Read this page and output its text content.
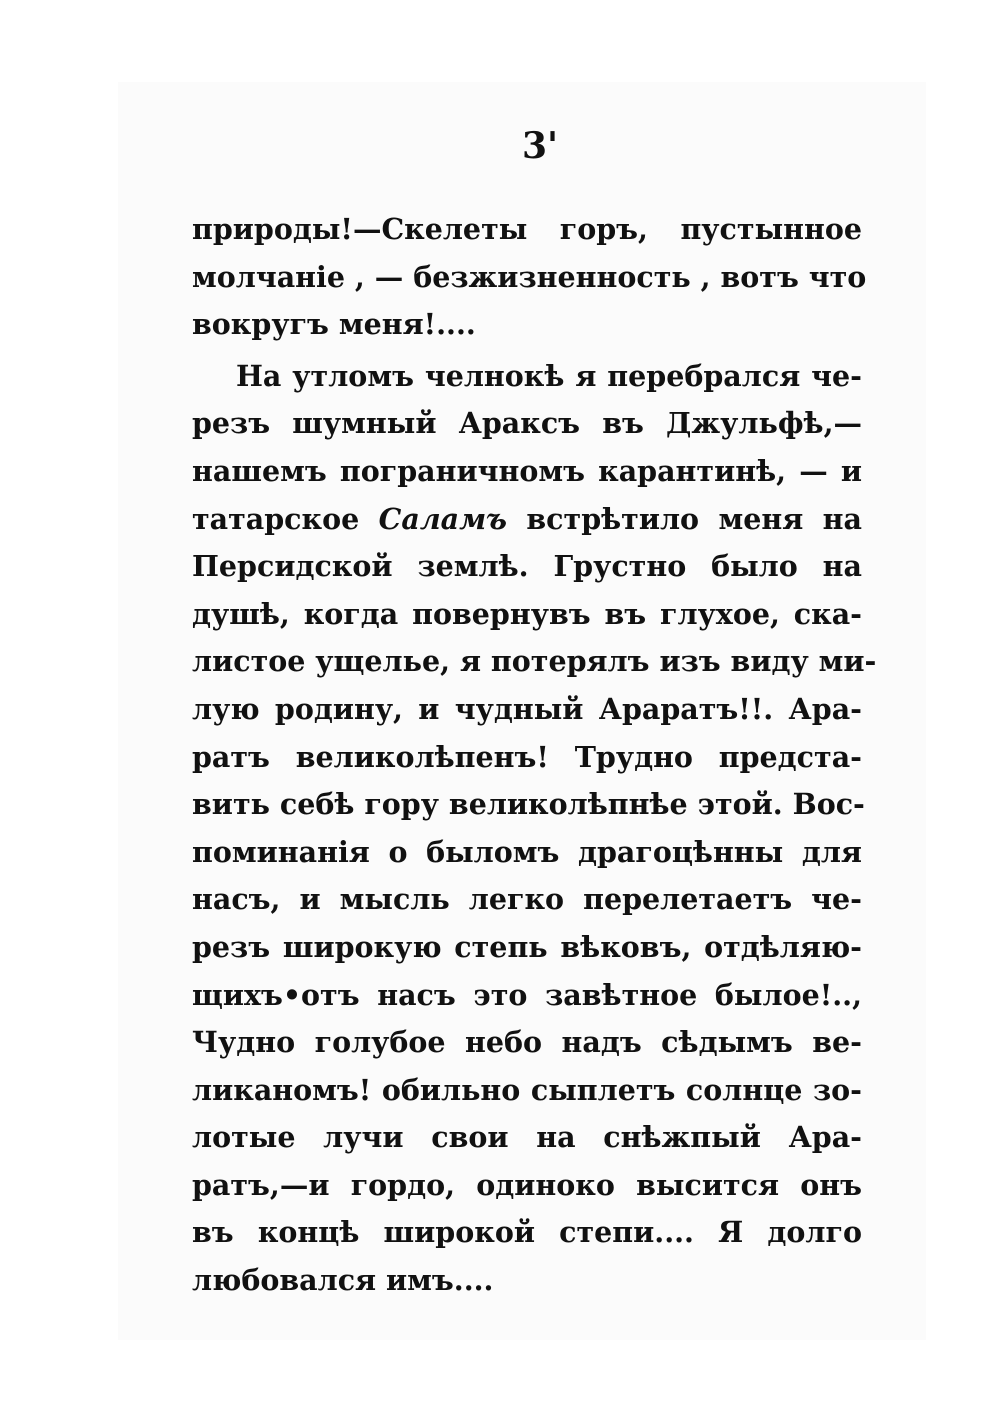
3'
природы!—Скелеты горъ, пустынное
молчаніе , — безжизненность , вотъ что
вокругъ меня!....
На утломъ челнокѣ я перебрался че-
резъ шумный Араксъ въ Джульфѣ,—
нашемъ пограничномъ карантинѣ, — и
татарское Саламъ встрѣтило меня на
Персидской землѣ. Грустно было на
душѣ, когда повернувъ въ глухое, ска-
листое ущелье, я потерялъ изъ виду ми-
лую родину, и чудный Араратъ!!. Ара-
ратъ великолѣпенъ! Трудно предста-
вить себѣ гору великолѣпнѣе этой. Вос-
поминанія о быломъ драгоцѣнны для
насъ, и мысль легко перелетаетъ че-
резъ широкую степь вѣковъ, отдѣляю-
щихъ•отъ насъ это завѣтное былое!..,
Чудно голубое небо надъ сѣдымъ ве-
ликаномъ! обильно сыплетъ солнце зо-
лотые лучи свои на снѣжпый Ара-
ратъ,—и гордо, одиноко высится онъ
въ концѣ широкой степи.... Я долго
любовался имъ....
